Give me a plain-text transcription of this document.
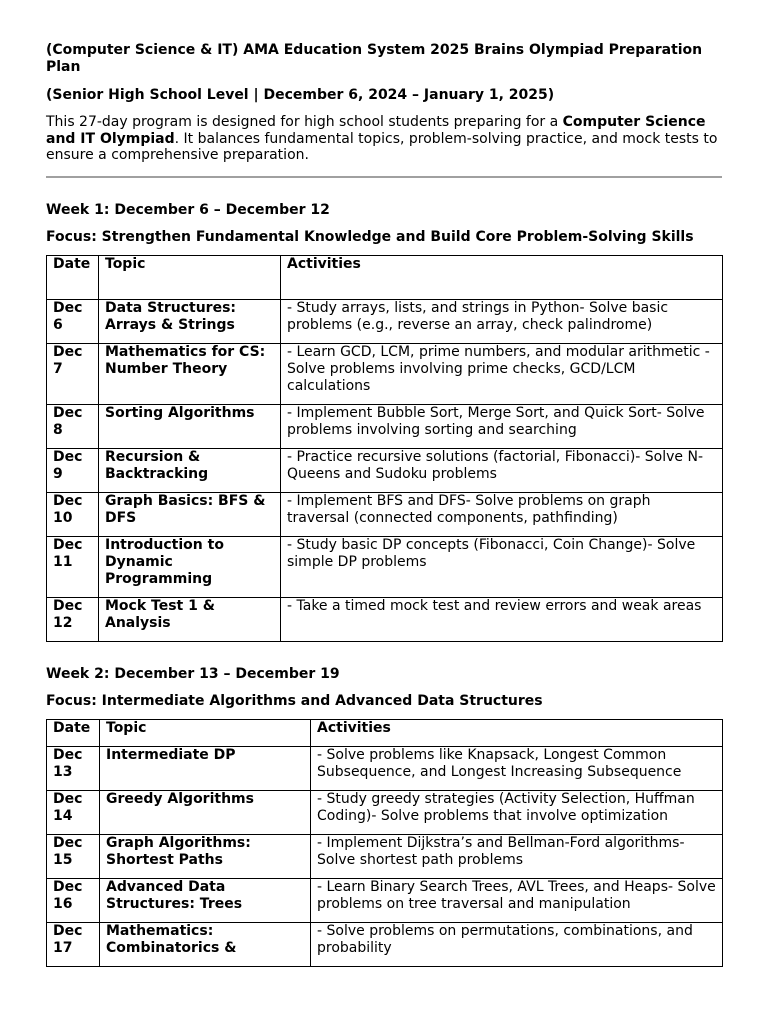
(Computer Science & IT) AMA Education System 2025 Brains Olympiad Preparation Plan

(Senior High School Level | December 6, 2024 – January 1, 2025)

This 27-day program is designed for high school students preparing for a Computer Science and IT Olympiad. It balances fundamental topics, problem-solving practice, and mock tests to ensure a comprehensive preparation.

Week 1: December 6 – December 12

Focus: Strengthen Fundamental Knowledge and Build Core Problem-Solving Skills

Date	Topic	Activities
Dec 6	Data Structures: Arrays & Strings	- Study arrays, lists, and strings in Python- Solve basic problems (e.g., reverse an array, check palindrome)
Dec 7	Mathematics for CS: Number Theory	- Learn GCD, LCM, prime numbers, and modular arithmetic - Solve problems involving prime checks, GCD/LCM calculations
Dec 8	Sorting Algorithms	- Implement Bubble Sort, Merge Sort, and Quick Sort- Solve problems involving sorting and searching
Dec 9	Recursion & Backtracking	- Practice recursive solutions (factorial, Fibonacci)- Solve N-Queens and Sudoku problems
Dec 10	Graph Basics: BFS & DFS	- Implement BFS and DFS- Solve problems on graph traversal (connected components, pathfinding)
Dec 11	Introduction to Dynamic Programming	- Study basic DP concepts (Fibonacci, Coin Change)- Solve simple DP problems
Dec 12	Mock Test 1 & Analysis	- Take a timed mock test and review errors and weak areas

Week 2: December 13 – December 19

Focus: Intermediate Algorithms and Advanced Data Structures

Date	Topic	Activities
Dec 13	Intermediate DP	- Solve problems like Knapsack, Longest Common Subsequence, and Longest Increasing Subsequence
Dec 14	Greedy Algorithms	- Study greedy strategies (Activity Selection, Huffman Coding)- Solve problems that involve optimization
Dec 15	Graph Algorithms: Shortest Paths	- Implement Dijkstra’s and Bellman-Ford algorithms- Solve shortest path problems
Dec 16	Advanced Data Structures: Trees	- Learn Binary Search Trees, AVL Trees, and Heaps- Solve problems on tree traversal and manipulation
Dec 17	Mathematics: Combinatorics &	- Solve problems on permutations, combinations, and probability
